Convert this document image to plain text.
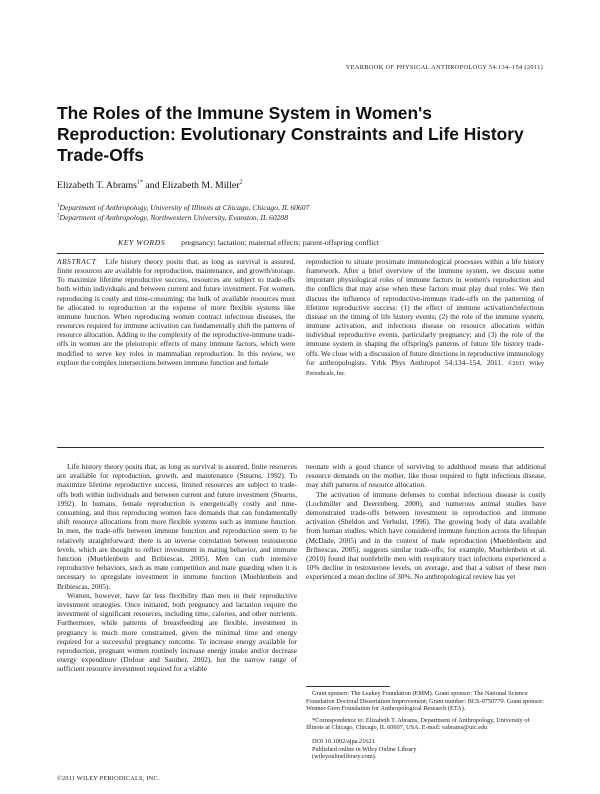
YEARBOOK OF PHYSICAL ANTHROPOLOGY 54:134–154 (2011)
The Roles of the Immune System in Women's Reproduction: Evolutionary Constraints and Life History Trade-Offs
Elizabeth T. Abrams$^{1*}$ and Elizabeth M. Miller$^2$
$^1$Department of Anthropology, University of Illinois at Chicago, Chicago, IL 60607
$^2$Department of Anthropology, Northwestern University, Evanston, IL 60208
KEY WORDS pregnancy; lactation; maternal effects; parent-offspring conflict
ABSTRACT Life history theory posits that, as long as survival is assured, finite resources are available for reproduction, maintenance, and growth/storage. To maximize lifetime reproductive success, resources are subject to trade-offs both within individuals and between current and future investment. For women, reproducing is costly and time-consuming; the bulk of available resources must be allocated to reproduction at the expense of more flexible systems like immune function. When reproducing women contract infectious diseases, the resources required for immune activation can fundamentally shift the patterns of resource allocation. Adding to the complexity of the reproductive-immune trade-offs in women are the pleiotropic effects of many immune factors, which were modified to serve key roles in mammalian reproduction. In this review, we explore the complex intersections between immune function and female
reproduction to situate proximate immunological processes within a life history framework. After a brief overview of the immune system, we discuss some important physiological roles of immune factors in women's reproduction and the conflicts that may arise when these factors must play dual roles. We then discuss the influence of reproductive-immune trade-offs on the patterning of lifetime reproductive success: (1) the effect of immune activation/infectious disease on the timing of life history events; (2) the role of the immune system, immune activation, and infectious disease on resource allocation within individual reproductive events, particularly pregnancy; and (3) the role of the immune system in shaping the offspring's patterns of future life history trade-offs. We close with a discussion of future directions in reproductive immunology for anthropologists. Yrbk Phys Anthropol 54:134–154, 2011. ©2011 Wiley Periodicals, Inc.

Life history theory posits that, as long as survival is assured, finite resources are available for reproduction, growth, and maintenance (Stearns, 1992). To maximize lifetime reproductive success, limited resources are subject to trade-offs both within individuals and between current and future investment (Stearns, 1992). In humans, female reproduction is energetically costly and time-consuming, and thus reproducing women face demands that can fundamentally shift resource allocations from more flexible systems such as immune function. In men, the trade-offs between immune function and reproduction seem to be relatively straightforward: there is an inverse correlation between testosterone levels, which are thought to reflect investment in mating behavior, and immune function (Muehlenbein and Bribiescas, 2005). Men can curb intensive reproductive behaviors, such as mate competition and mate guarding when it is necessary to upregulate investment in immune function (Muehlenbein and Bribiescas, 2005).

Women, however, have far less flexibility than men in their reproductive investment strategies. Once initiated, both pregnancy and lactation require the investment of significant resources, including time, calories, and other nutrients. Furthermore, while patterns of breastfeeding are flexible, investment in pregnancy is much more constrained, given the minimal time and energy required for a successful pregnancy outcome. To increase energy available for reproduction, pregnant women routinely increase energy intake and/or decrease energy expenditure (Dufour and Sauther, 2002), but the narrow range of sufficient resource investment required for a viable

neonate with a good chance of surviving to adulthood means that additional resource demands on the mother, like those required to fight infectious disease, may shift patterns of resource allocation.

The activation of immune defenses to combat infectious disease is costly (Lochmiller and Deerenberg, 2000), and numerous animal studies have demonstrated trade-offs between investment in reproduction and immune activation (Sheldon and Verhulst, 1996). The growing body of data available from human studies, which have considered immune function across the lifespan (McDade, 2005) and in the context of male reproduction (Muehlenbein and Bribiescas, 2005), suggests similar trade-offs; for example, Muehlenbein et al. (2010) found that nonfebrile men with respiratory tract infections experienced a 10% decline in testosterone levels, on average, and that a subset of these men experienced a mean decline of 30%. No anthropological review has yet

Grant sponsor: The Leakey Foundation (EMM). Grant sponsor: The National Science Foundation Doctoral Dissertation Improvement; Grant number: BCS-0750779. Grant sponsor: Wenner-Gren Foundation for Anthropological Research (ETA).

*Correspondence to: Elizabeth T. Abrams, Department of Anthropology, University of Illinois at Chicago, Chicago, IL 60607, USA. E-mail: eabrams@uic.edu

DOI 10.1002/ajpa.21621
Published online in Wiley Online Library
(wileyonlinelibrary.com).
©2011 WILEY PERIODICALS, INC.
